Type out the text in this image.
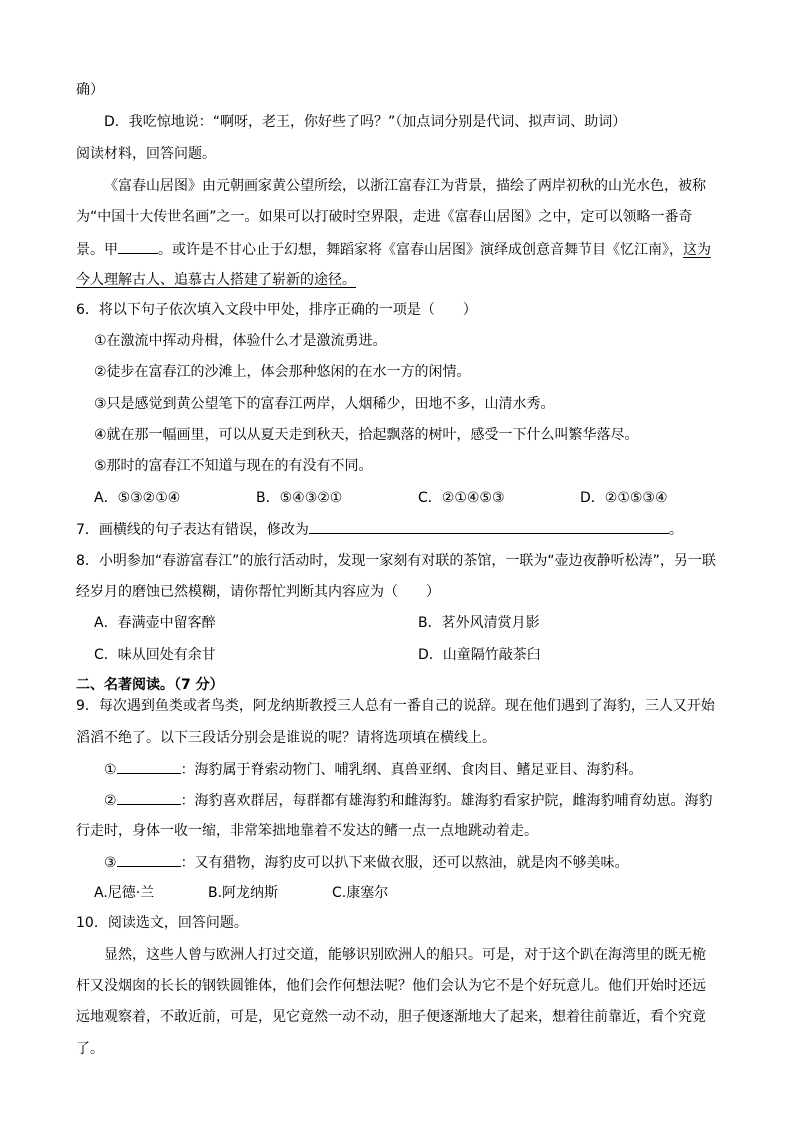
确）
D．我吃惊地说：“啊呀，老王，你好些了吗？”（加点词分别是代词、拟声词、助词）
阅读材料，回答问题。
《富春山居图》由元朝画家黄公望所绘，以浙江富春江为背景，描绘了两岸初秋的山光水色，被称
为“中国十大传世名画”之一。如果可以打破时空界限，走进《富春山居图》之中，定可以领略一番奇
景。甲	。或许是不甘心止于幻想，舞蹈家将《富春山居图》演绎成创意音舞节目《忆江南》，这为
今人理解古人、追慕古人搭建了崭新的途径。
6．将以下句子依次填入文段中甲处，排序正确的一项是（　　）
①在激流中挥动舟楫，体验什么才是激流勇进。
②徒步在富春江的沙滩上，体会那种悠闲的在水一方的闲情。
③只是感觉到黄公望笔下的富春江两岸，人烟稀少，田地不多，山清水秀。
④就在那一幅画里，可以从夏天走到秋天，拾起飘落的树叶，感受一下什么叫繁华落尽。
⑤那时的富春江不知道与现在的有没有不同。
A．⑤③②①④	B．⑤④③②①	C．②①④⑤③	D．②①⑤③④
7．画横线的句子表达有错误，修改为	。
8．小明参加“春游富春江”的旅行活动时，发现一家刻有对联的茶馆，一联为“壶边夜静听松涛”，另一联
经岁月的磨蚀已然模糊，请你帮忙判断其内容应为（　　）
A．春满壶中留客醉	B．茗外风清赏月影
C．味从回处有余甘	D．山童隔竹敲茶臼
二、名著阅读。（7 分）
9．每次遇到鱼类或者鸟类，阿龙纳斯教授三人总有一番自己的说辞。现在他们遇到了海豹，三人又开始
滔滔不绝了。以下三段话分别会是谁说的呢？请将选项填在横线上。
①	：海豹属于脊索动物门、哺乳纲、真兽亚纲、食肉目、鳍足亚目、海豹科。
②	：海豹喜欢群居，每群都有雄海豹和雌海豹。雄海豹看家护院，雌海豹哺育幼崽。海豹
行走时，身体一收一缩，非常笨拙地靠着不发达的鳍一点一点地跳动着走。
③	：又有猎物，海豹皮可以扒下来做衣服，还可以熬油，就是肉不够美味。
A.尼德·兰	B.阿龙纳斯	C.康塞尔
10．阅读选文，回答问题。
显然，这些人曾与欧洲人打过交道，能够识别欧洲人的船只。可是，对于这个趴在海湾里的既无桅
杆又没烟囱的长长的钢铁圆锥体，他们会作何想法呢？他们会认为它不是个好玩意儿。他们开始时还远
远地观察着，不敢近前，可是，见它竟然一动不动，胆子便逐渐地大了起来，想着往前靠近，看个究竟
了。
